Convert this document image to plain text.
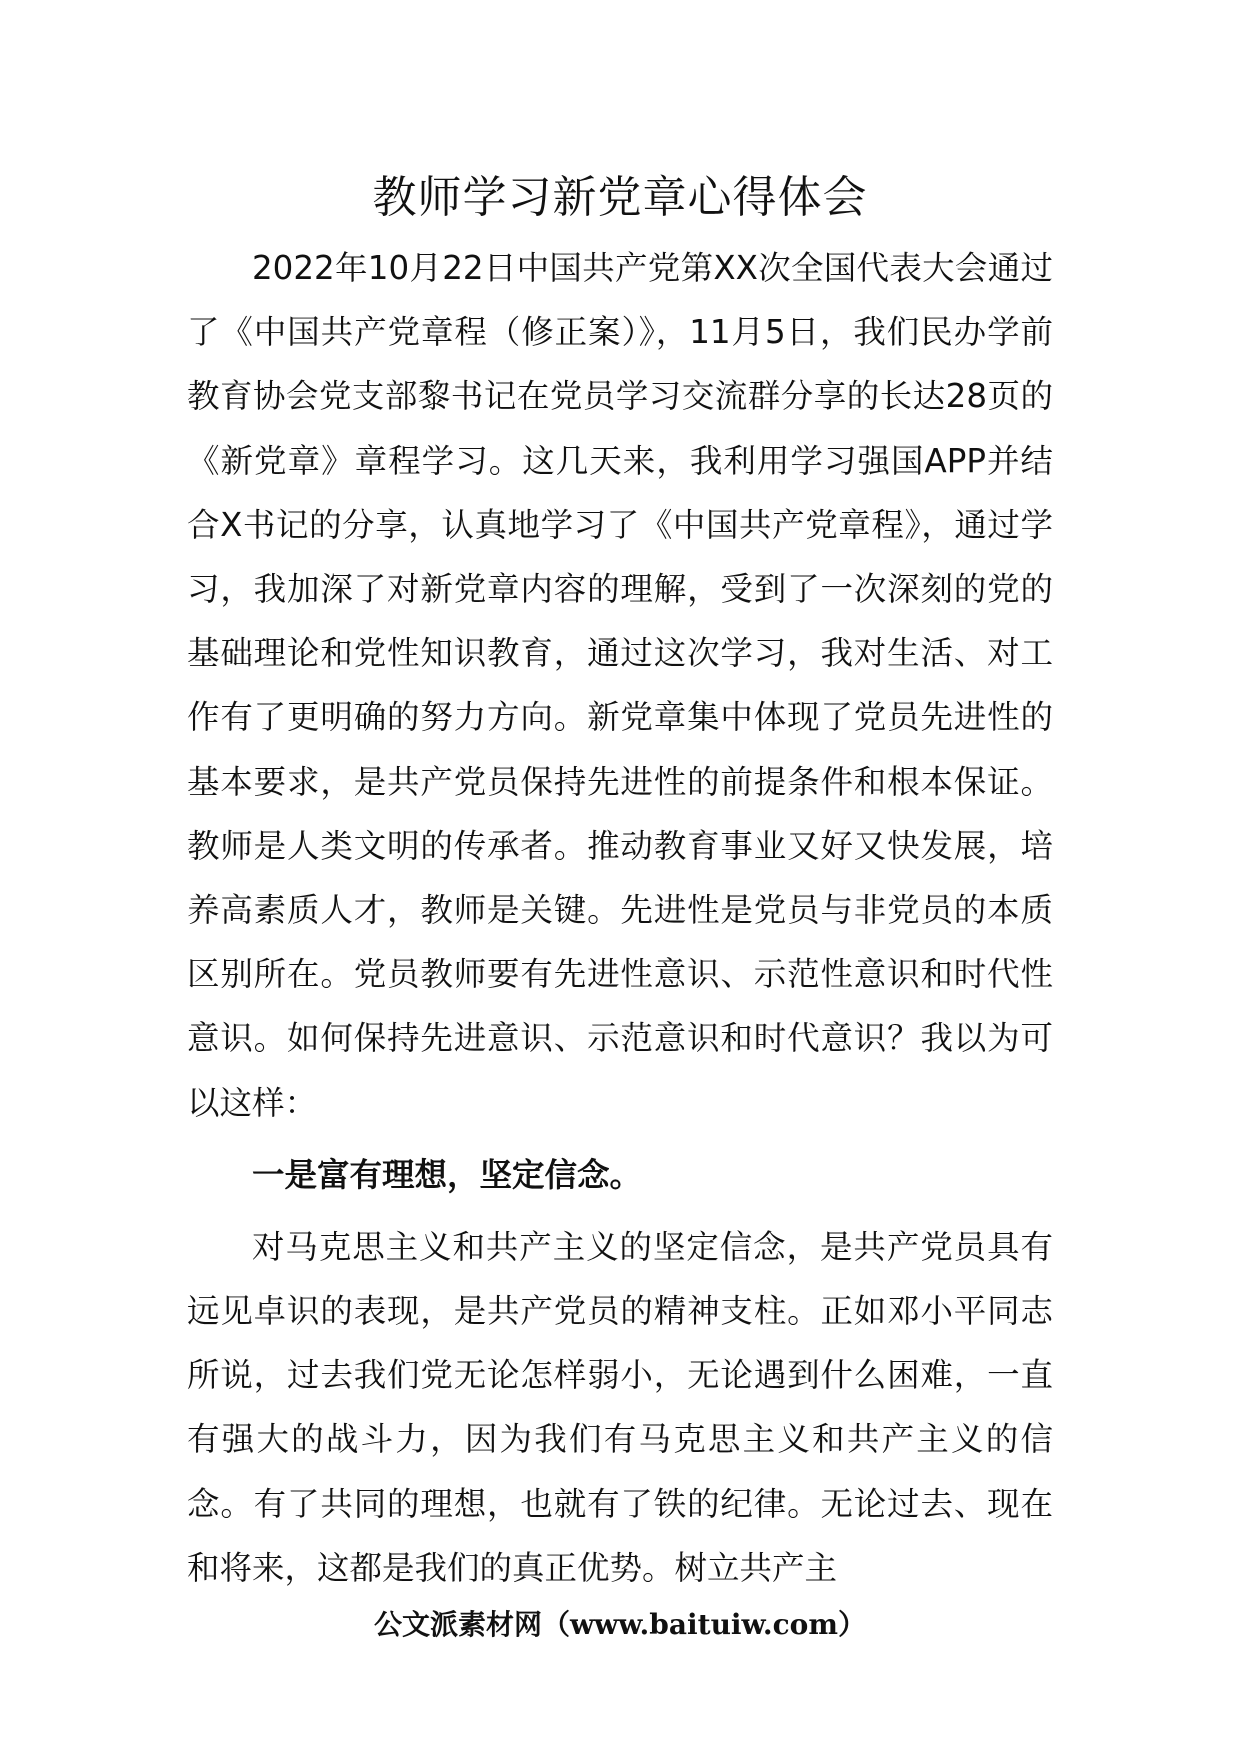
教师学习新党章心得体会

2022年10月22日中国共产党第XX次全国代表大会通过了《中国共产党章程（修正案）》，11月5日，我们民办学前教育协会党支部黎书记在党员学习交流群分享的长达28页的《新党章》章程学习。这几天来，我利用学习强国APP并结合X书记的分享，认真地学习了《中国共产党章程》，通过学习，我加深了对新党章内容的理解，受到了一次深刻的党的基础理论和党性知识教育，通过这次学习，我对生活、对工作有了更明确的努力方向。新党章集中体现了党员先进性的基本要求，是共产党员保持先进性的前提条件和根本保证。教师是人类文明的传承者。推动教育事业又好又快发展，培养高素质人才，教师是关键。先进性是党员与非党员的本质区别所在。党员教师要有先进性意识、示范性意识和时代性意识。如何保持先进意识、示范意识和时代意识？我以为可以这样：

一是富有理想，坚定信念。

对马克思主义和共产主义的坚定信念，是共产党员具有远见卓识的表现，是共产党员的精神支柱。正如邓小平同志所说，过去我们党无论怎样弱小，无论遇到什么困难，一直有强大的战斗力，因为我们有马克思主义和共产主义的信念。有了共同的理想，也就有了铁的纪律。无论过去、现在和将来，这都是我们的真正优势。树立共产主

公文派素材网（www.baituiw.com）
